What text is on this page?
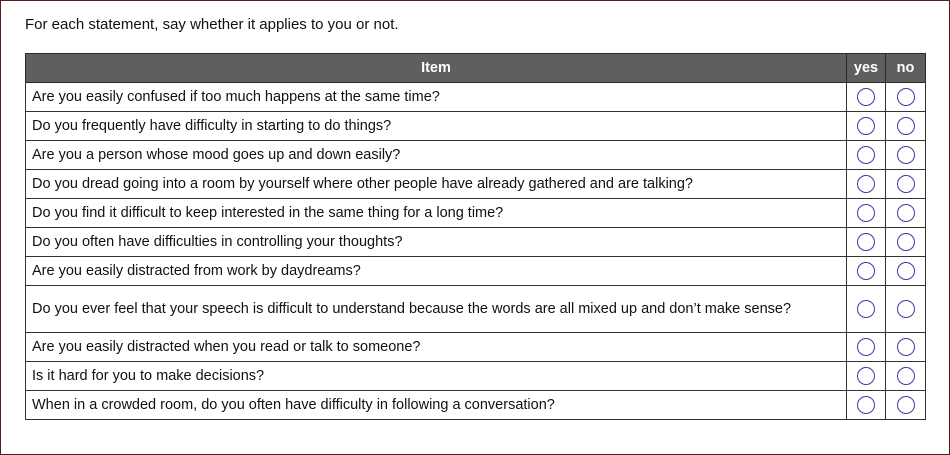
For each statement, say whether it applies to you or not.
Item	yes	no
Are you easily confused if too much happens at the same time?		
Do you frequently have difficulty in starting to do things?		
Are you a person whose mood goes up and down easily?		
Do you dread going into a room by yourself where other people have already gathered and are talking?		
Do you find it difficult to keep interested in the same thing for a long time?		
Do you often have difficulties in controlling your thoughts?		
Are you easily distracted from work by daydreams?		
Do you ever feel that your speech is difficult to understand because the words are all mixed up and don’t make sense?		
Are you easily distracted when you read or talk to someone?		
Is it hard for you to make decisions?		
When in a crowded room, do you often have difficulty in following a conversation?		
